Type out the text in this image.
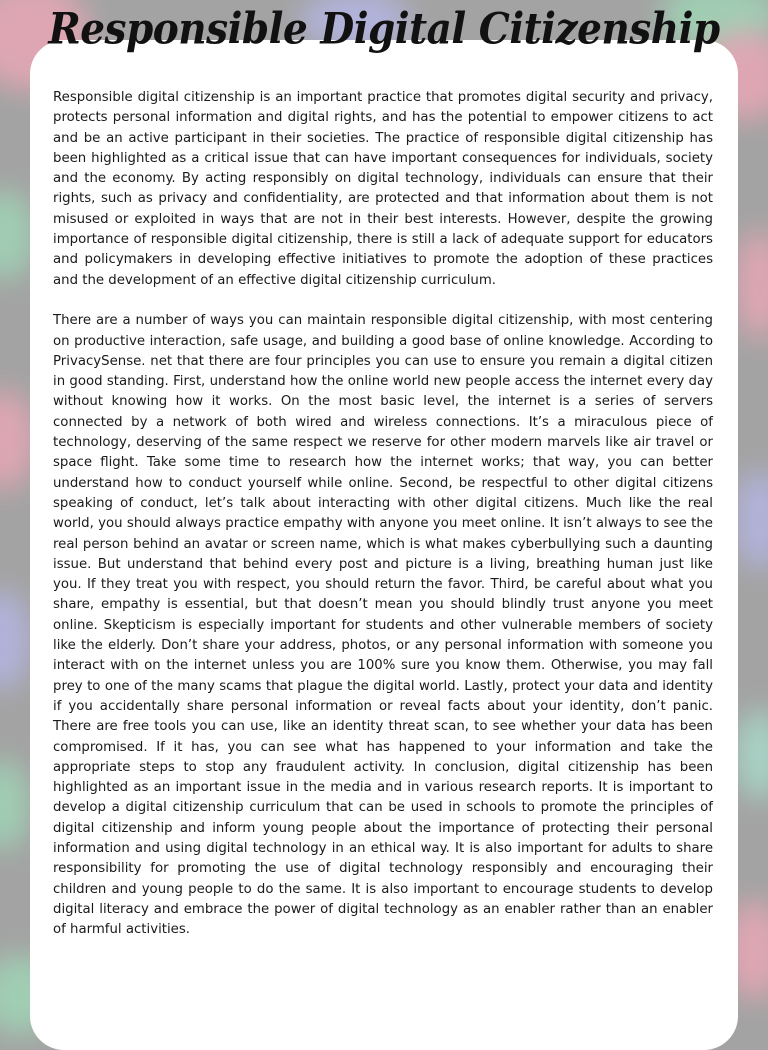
Responsible Digital Citizenship

Responsible digital citizenship is an important practice that promotes digital security and privacy, protects personal information and digital rights, and has the potential to empower citizens to act and be an active participant in their societies. The practice of responsible digital citizenship has been highlighted as a critical issue that can have important consequences for individuals, society and the economy. By acting responsibly on digital technology, individuals can ensure that their rights, such as privacy and confidentiality, are protected and that information about them is not misused or exploited in ways that are not in their best interests. However, despite the growing importance of responsible digital citizenship, there is still a lack of adequate support for educators and policymakers in developing effective initiatives to promote the adoption of these practices and the development of an effective digital citizenship curriculum.

There are a number of ways you can maintain responsible digital citizenship, with most centering on productive interaction, safe usage, and building a good base of online knowledge. According to PrivacySense. net that there are four principles you can use to ensure you remain a digital citizen in good standing. First, understand how the online world new people access the internet every day without knowing how it works. On the most basic level, the internet is a series of servers connected by a network of both wired and wireless connections. It’s a miraculous piece of technology, deserving of the same respect we reserve for other modern marvels like air travel or space flight. Take some time to research how the internet works; that way, you can better understand how to conduct yourself while online. Second, be respectful to other digital citizens speaking of conduct, let’s talk about interacting with other digital citizens. Much like the real world, you should always practice empathy with anyone you meet online. It isn’t always to see the real person behind an avatar or screen name, which is what makes cyberbullying such a daunting issue. But understand that behind every post and picture is a living, breathing human just like you. If they treat you with respect, you should return the favor. Third, be careful about what you share, empathy is essential, but that doesn’t mean you should blindly trust anyone you meet online. Skepticism is especially important for students and other vulnerable members of society like the elderly. Don’t share your address, photos, or any personal information with someone you interact with on the internet unless you are 100% sure you know them. Otherwise, you may fall prey to one of the many scams that plague the digital world. Lastly, protect your data and identity if you accidentally share personal information or reveal facts about your identity, don’t panic. There are free tools you can use, like an identity threat scan, to see whether your data has been compromised. If it has, you can see what has happened to your information and take the appropriate steps to stop any fraudulent activity. In conclusion, digital citizenship has been highlighted as an important issue in the media and in various research reports. It is important to develop a digital citizenship curriculum that can be used in schools to promote the principles of digital citizenship and inform young people about the importance of protecting their personal information and using digital technology in an ethical way. It is also important for adults to share responsibility for promoting the use of digital technology responsibly and encouraging their children and young people to do the same. It is also important to encourage students to develop digital literacy and embrace the power of digital technology as an enabler rather than an enabler of harmful activities.
